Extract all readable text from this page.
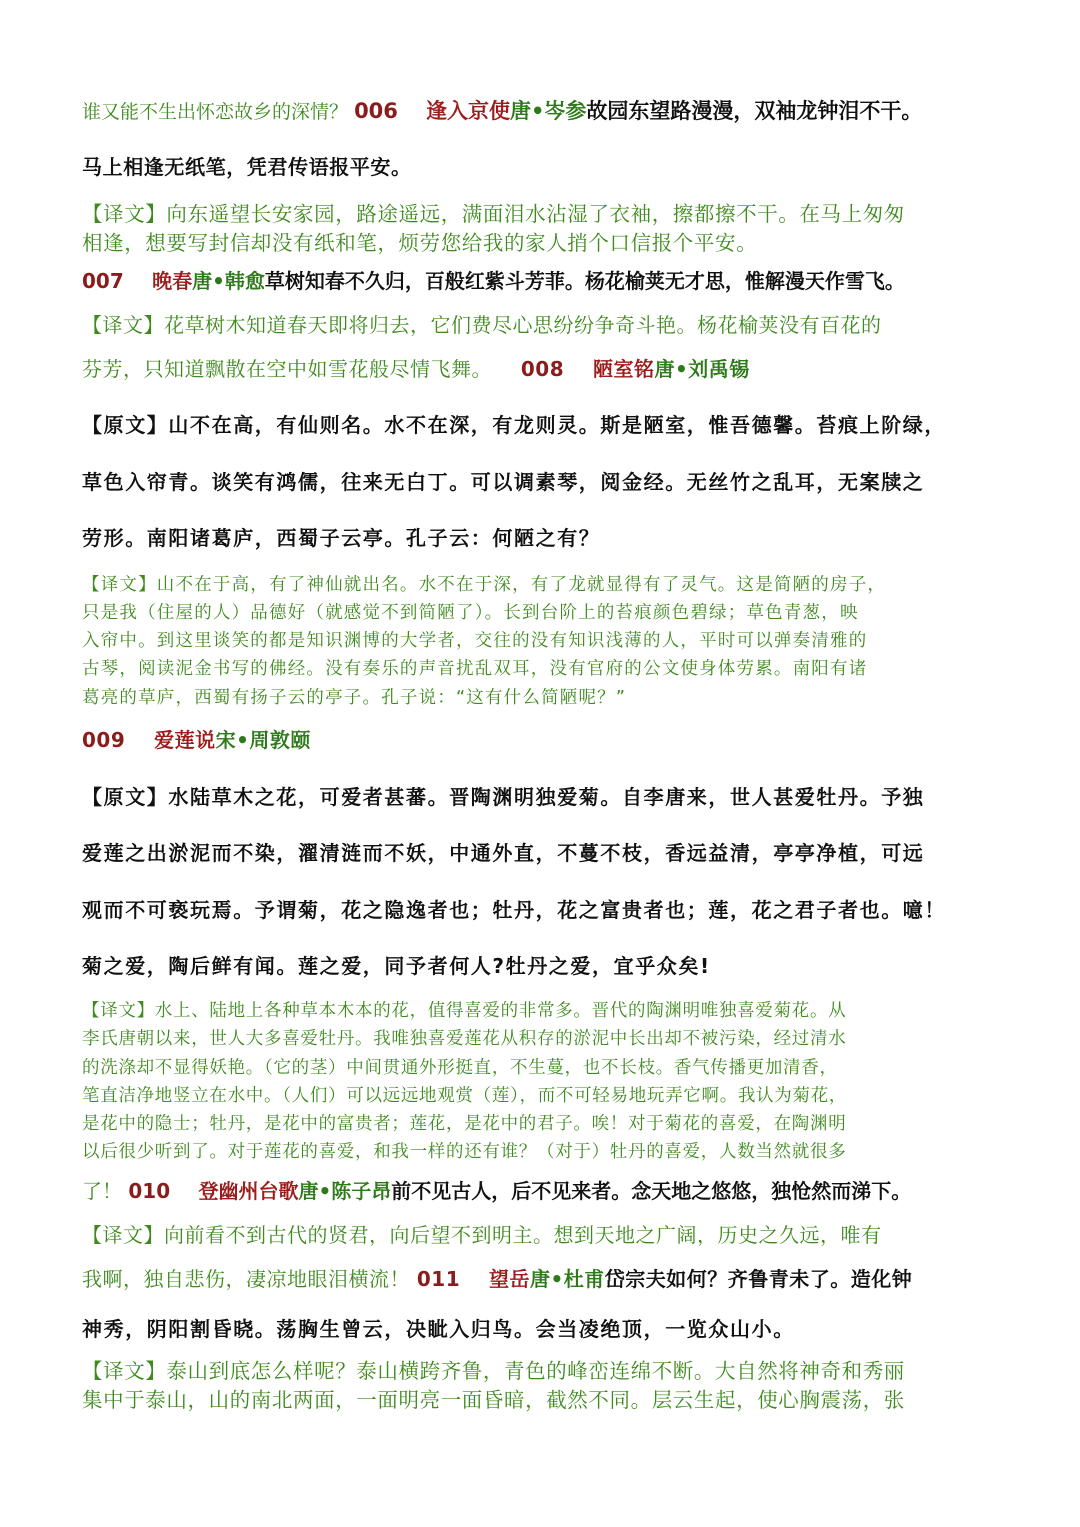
谁又能不生出怀恋故乡的深情？ 006 逢入京使唐•岑参故园东望路漫漫，双袖龙钟泪不干。
马上相逢无纸笔，凭君传语报平安。
【译文】向东遥望长安家园，路途遥远，满面泪水沾湿了衣袖，擦都擦不干。在马上匆匆
相逢，想要写封信却没有纸和笔，烦劳您给我的家人捎个口信报个平安。
007 晚春唐•韩愈草树知春不久归，百般红紫斗芳菲。杨花榆荚无才思，惟解漫天作雪飞。
【译文】花草树木知道春天即将归去，它们费尽心思纷纷争奇斗艳。杨花榆荚没有百花的
芬芳，只知道飘散在空中如雪花般尽情飞舞。 008 陋室铭唐•刘禹锡
【原文】山不在高，有仙则名。水不在深，有龙则灵。斯是陋室，惟吾德馨。苔痕上阶绿，
草色入帘青。谈笑有鸿儒，往来无白丁。可以调素琴，阅金经。无丝竹之乱耳，无案牍之
劳形。南阳诸葛庐，西蜀子云亭。孔子云：何陋之有？
【译文】山不在于高，有了神仙就出名。水不在于深，有了龙就显得有了灵气。这是简陋的房子，
只是我（住屋的人）品德好（就感觉不到简陋了）。长到台阶上的苔痕颜色碧绿；草色青葱，映
入帘中。到这里谈笑的都是知识渊博的大学者，交往的没有知识浅薄的人，平时可以弹奏清雅的
古琴，阅读泥金书写的佛经。没有奏乐的声音扰乱双耳，没有官府的公文使身体劳累。南阳有诸
葛亮的草庐，西蜀有扬子云的亭子。孔子说：“这有什么简陋呢？”
009 爱莲说宋•周敦颐
【原文】水陆草木之花，可爱者甚蕃。晋陶渊明独爱菊。自李唐来，世人甚爱牡丹。予独
爱莲之出淤泥而不染，濯清涟而不妖，中通外直，不蔓不枝，香远益清，亭亭净植，可远
观而不可亵玩焉。予谓菊，花之隐逸者也；牡丹，花之富贵者也；莲，花之君子者也。噫！
菊之爱，陶后鲜有闻。莲之爱，同予者何人?牡丹之爱，宜乎众矣!
【译文】水上、陆地上各种草本木本的花，值得喜爱的非常多。晋代的陶渊明唯独喜爱菊花。从
李氏唐朝以来，世人大多喜爱牡丹。我唯独喜爱莲花从积存的淤泥中长出却不被污染，经过清水
的洗涤却不显得妖艳。（它的茎）中间贯通外形挺直，不生蔓，也不长枝。香气传播更加清香，
笔直洁净地竖立在水中。（人们）可以远远地观赏（莲），而不可轻易地玩弄它啊。我认为菊花，
是花中的隐士；牡丹，是花中的富贵者；莲花，是花中的君子。唉！对于菊花的喜爱，在陶渊明
以后很少听到了。对于莲花的喜爱，和我一样的还有谁？（对于）牡丹的喜爱，人数当然就很多
了！ 010 登幽州台歌唐•陈子昂前不见古人，后不见来者。念天地之悠悠，独怆然而涕下。
【译文】向前看不到古代的贤君，向后望不到明主。想到天地之广阔，历史之久远，唯有
我啊，独自悲伤，凄凉地眼泪横流！ 011 望岳唐•杜甫岱宗夫如何？齐鲁青未了。造化钟
神秀，阴阳割昏晓。荡胸生曾云，决眦入归鸟。会当凌绝顶，一览众山小。
【译文】泰山到底怎么样呢？泰山横跨齐鲁，青色的峰峦连绵不断。大自然将神奇和秀丽
集中于泰山，山的南北两面，一面明亮一面昏暗，截然不同。层云生起，使心胸震荡，张
